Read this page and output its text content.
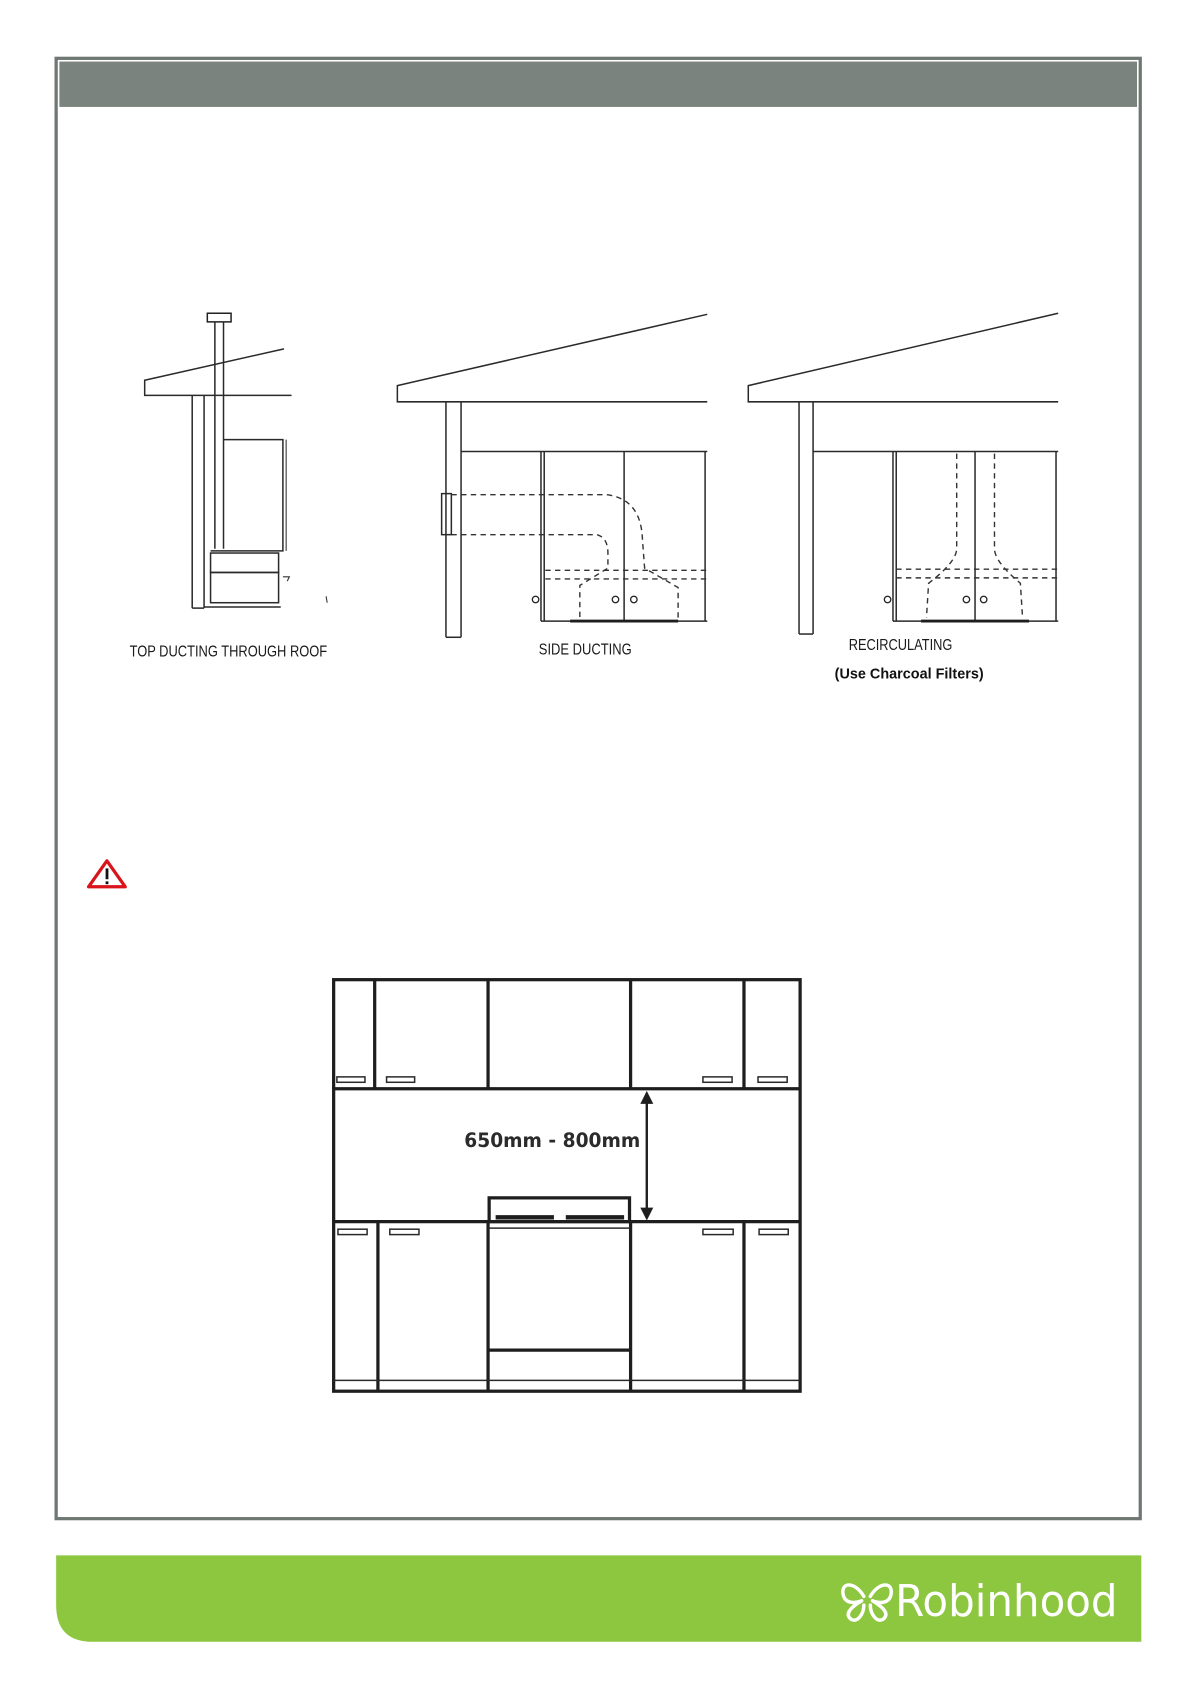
TOP DUCTING THROUGH ROOF	SIDE DUCTING	RECIRCULATING
(Use Charcoal Filters)
650mm - 800mm
Robinhood
